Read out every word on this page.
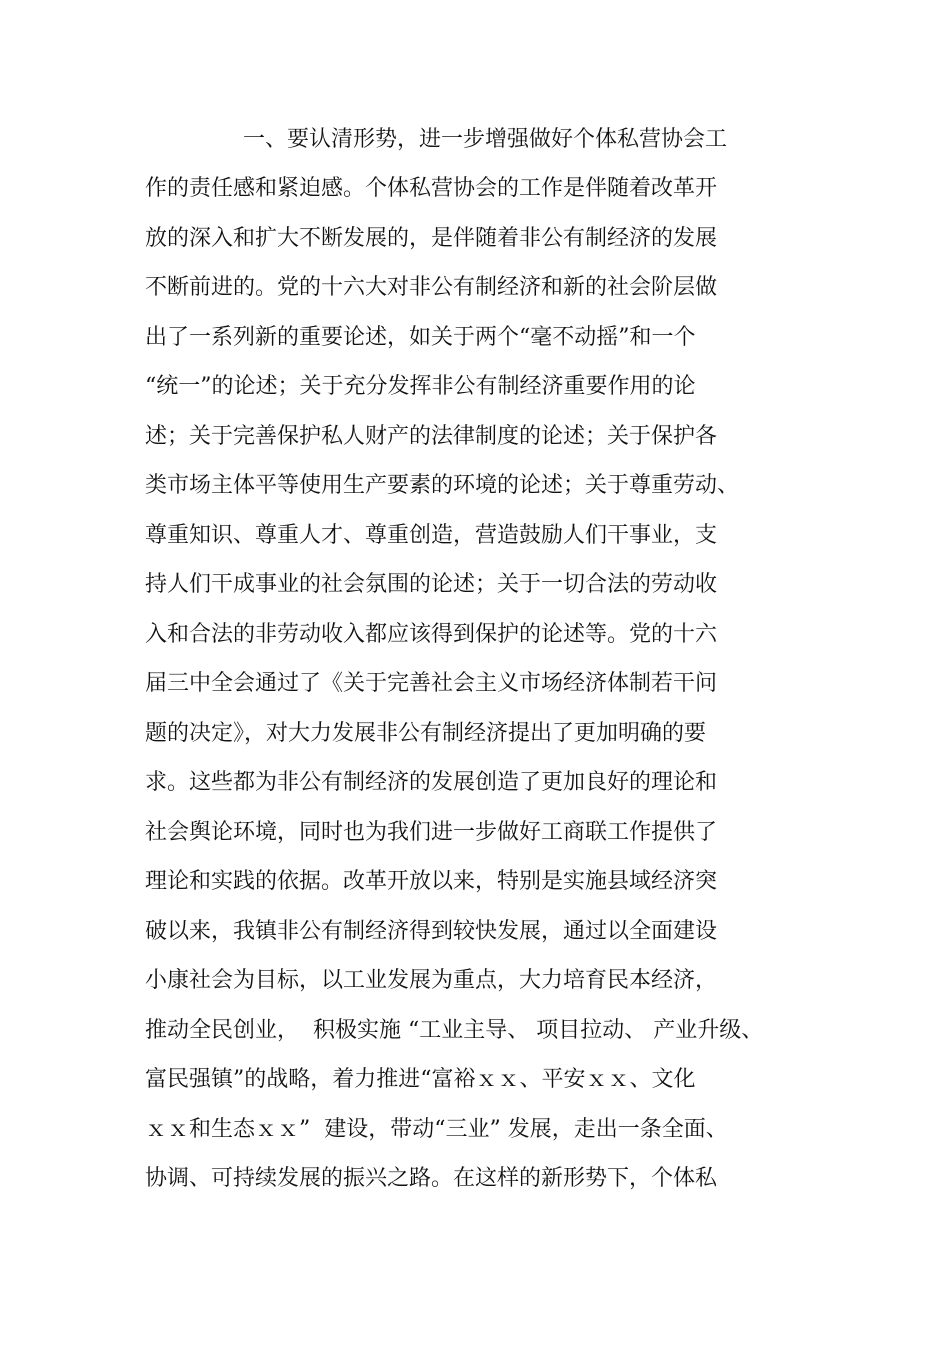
一、要认清形势，进一步增强做好个体私营协会工
作的责任感和紧迫感。个体私营协会的工作是伴随着改革开
放的深入和扩大不断发展的，是伴随着非公有制经济的发展
不断前进的。党的十六大对非公有制经济和新的社会阶层做
出了一系列新的重要论述，如关于两个“毫不动摇”和一个
“统一”的论述；关于充分发挥非公有制经济重要作用的论
述；关于完善保护私人财产的法律制度的论述；关于保护各
类市场主体平等使用生产要素的环境的论述；关于尊重劳动、
尊重知识、尊重人才、尊重创造，营造鼓励人们干事业，支
持人们干成事业的社会氛围的论述；关于一切合法的劳动收
入和合法的非劳动收入都应该得到保护的论述等。党的十六
届三中全会通过了《关于完善社会主义市场经济体制若干问
题的决定》，对大力发展非公有制经济提出了更加明确的要
求。这些都为非公有制经济的发展创造了更加良好的理论和
社会舆论环境，同时也为我们进一步做好工商联工作提供了
理论和实践的依据。改革开放以来，特别是实施县域经济突
破以来，我镇非公有制经济得到较快发展，通过以全面建设
小康社会为目标，以工业发展为重点，大力培育民本经济，
推动全民创业，  积极实施 “工业主导、 项目拉动、 产业升级、
富民强镇”的战略，着力推进“富裕ｘｘ、平安ｘｘ、文化
ｘｘ和生态ｘｘ”  建设，带动“三业” 发展，走出一条全面、
协调、可持续发展的振兴之路。在这样的新形势下，个体私
